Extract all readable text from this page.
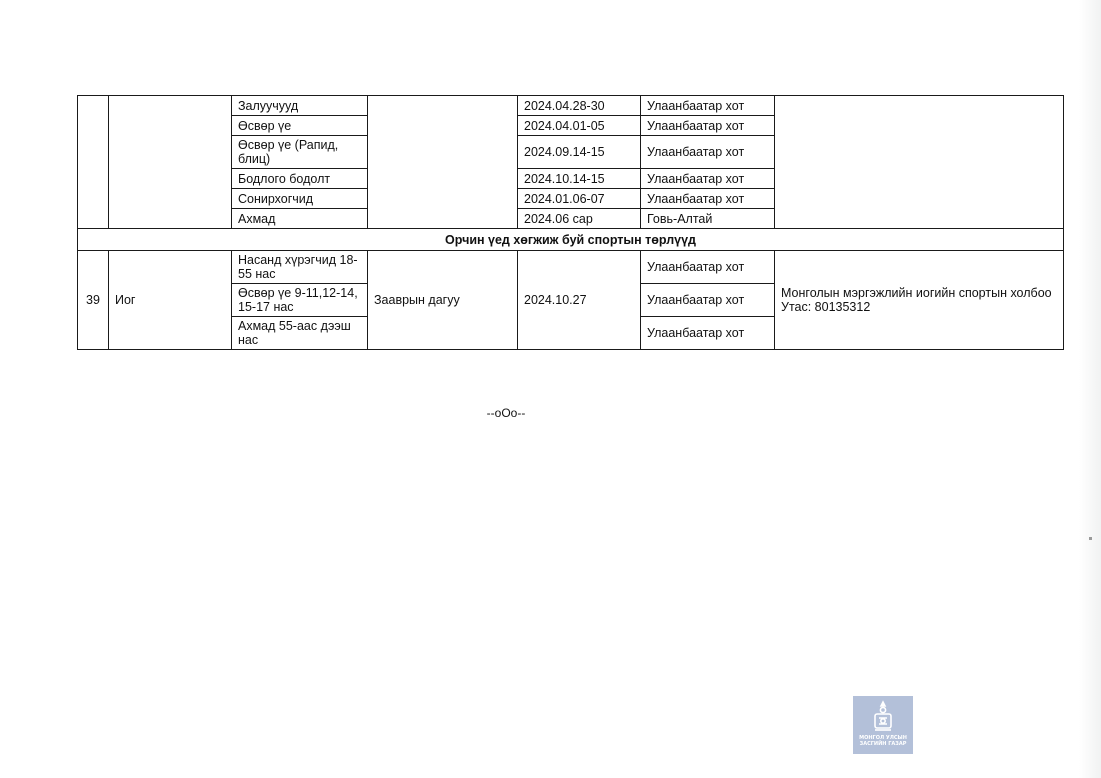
		Залуучууд		2024.04.28-30	Улаанбаатар хот	
		Өсвөр үе		2024.04.01-05	Улаанбаатар хот	
		Өсвөр үе (Рапид, блиц)		2024.09.14-15	Улаанбаатар хот	
		Бодлого бодолт		2024.10.14-15	Улаанбаатар хот	
		Сонирхогчид		2024.01.06-07	Улаанбаатар хот	
		Ахмад		2024.06 сар	Говь-Алтай	
Орчин үед хөгжиж буй спортын төрлүүд						
39	Иог	Насанд хүрэгчид 18-55 нас	Зааврын дагуу	2024.10.27	Улаанбаатар хот	Монголын мэргэжлийн иогийн спортын холбоо Утас: 80135312
		Өсвөр үе 9-11,12-14, 15-17 нас			Улаанбаатар хот	
		Ахмад 55-аас дээш нас			Улаанбаатар хот	
--oOo--
МОНГОЛ УЛСЫН
ЗАСГИЙН ГАЗАР
